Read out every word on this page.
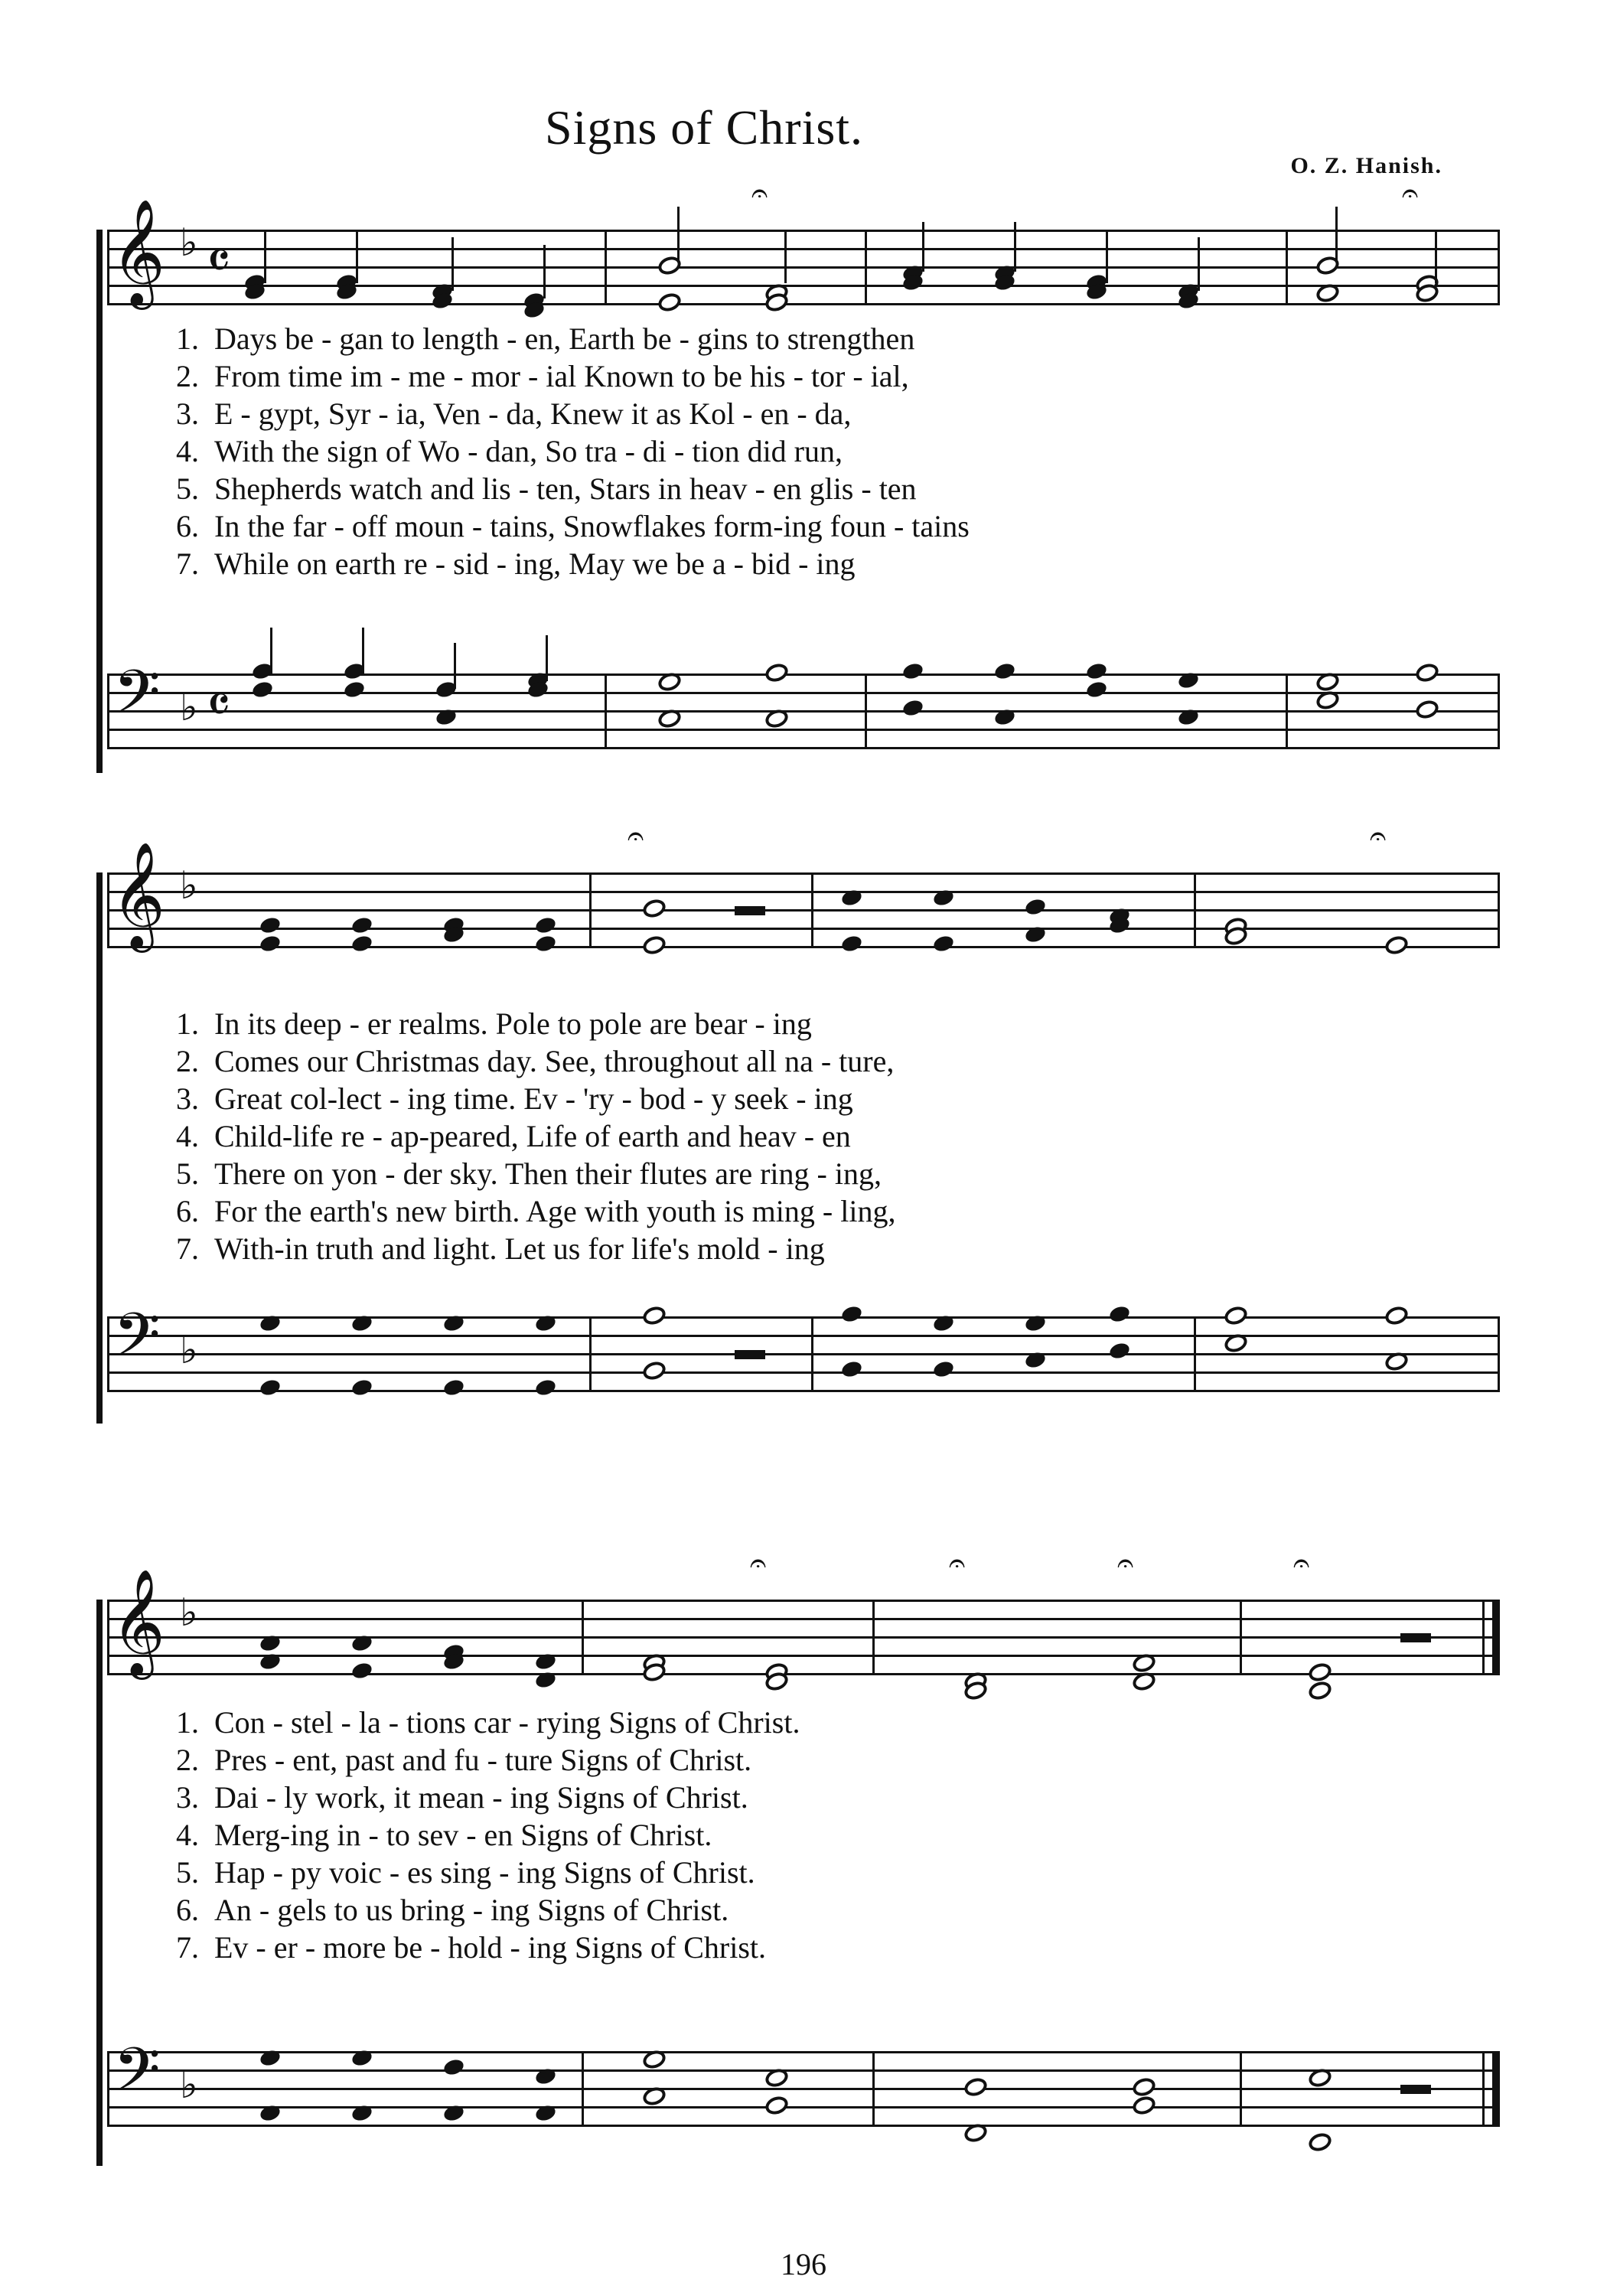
Signs of Christ.
O. Z. Hanish.
𝄞 ♭ 𝄴
𝄐	𝄐
𝄢 ♭ 𝄴
1. Days be - gan to length - en, Earth be - gins to strengthen
2. From time im - me - mor - ial Known to be his - tor - ial,
3. E - gypt, Syr - ia, Ven - da, Knew it as Kol - en - da,
4. With the sign of Wo - dan, So tra - di - tion did run,
5. Shepherds watch and lis - ten, Stars in heav - en glis - ten
6. In the far - off moun - tains, Snowflakes form-ing foun - tains
7. While on earth re - sid - ing, May we be a - bid - ing
𝄞 ♭
𝄐	𝄐
𝄢 ♭
1. In its deep - er realms. Pole to pole are bear - ing
2. Comes our Christmas day. See, throughout all na - ture,
3. Great col-lect - ing time. Ev - 'ry - bod - y seek - ing
4. Child-life re - ap-peared, Life of earth and heav - en
5. There on yon - der sky. Then their flutes are ring - ing,
6. For the earth's new birth. Age with youth is ming - ling,
7. With-in truth and light. Let us for life's mold - ing
𝄞 ♭
𝄐	𝄐	𝄐	𝄐
𝄢 ♭
1. Con - stel - la - tions car - rying Signs of Christ.
2. Pres - ent, past and fu - ture Signs of Christ.
3. Dai - ly work, it mean - ing Signs of Christ.
4. Merg-ing in - to sev - en Signs of Christ.
5. Hap - py voic - es sing - ing Signs of Christ.
6. An - gels to us bring - ing Signs of Christ.
7. Ev - er - more be - hold - ing Signs of Christ.
196
